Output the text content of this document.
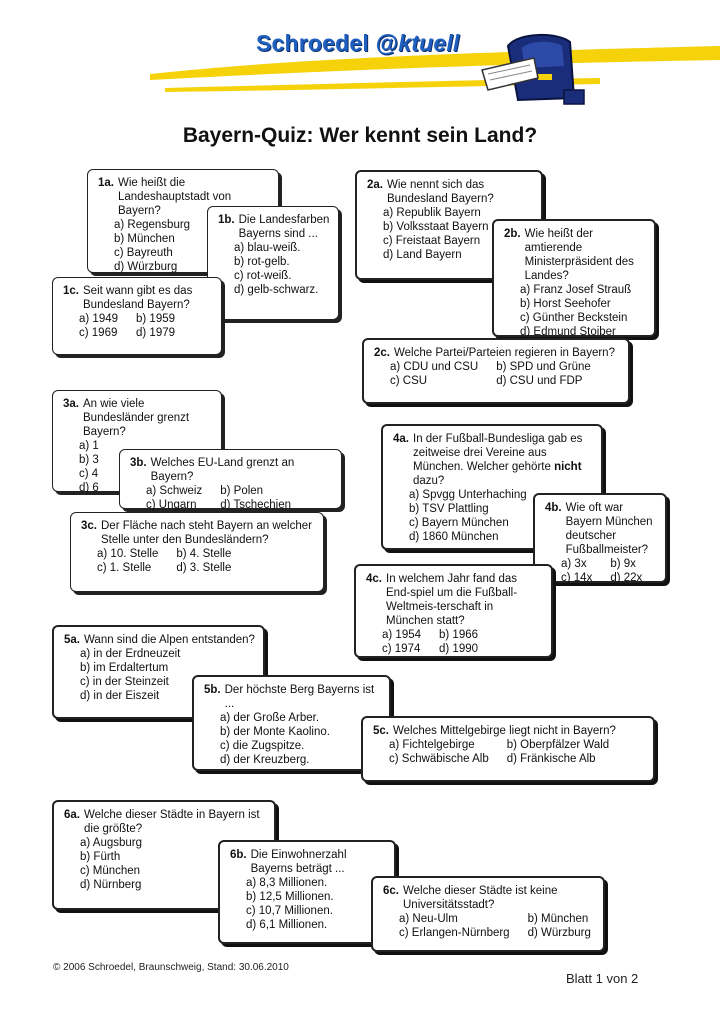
Schroedel @ktuell
Bayern-Quiz: Wer kennt sein Land?
1a. Wie heißt die Landeshauptstadt von Bayern?
a) Regensburg
b) München
c) Bayreuth
d) Würzburg
1b. Die Landesfarben Bayerns sind ...
a) blau-weiß.
b) rot-gelb.
c) rot-weiß.
d) gelb-schwarz.
1c. Seit wann gibt es das Bundesland Bayern?
a) 1949 b) 1959
c) 1969 d) 1979
2a. Wie nennt sich das Bundesland Bayern?
a) Republik Bayern
b) Volksstaat Bayern
c) Freistaat Bayern
d) Land Bayern
2b. Wie heißt der amtierende Ministerpräsident des Landes?
a) Franz Josef Strauß
b) Horst Seehofer
c) Günther Beckstein
d) Edmund Stoiber
2c. Welche Partei/Parteien regieren in Bayern?
a) CDU und CSU b) SPD und Grüne
c) CSU	d) CSU und FDP
3a. An wie viele Bundesländer grenzt Bayern?
a) 1
b) 3
c) 4
d) 6
3b. Welches EU-Land grenzt an Bayern?
a) Schweiz b) Polen
c) Ungarn	d) Tschechien
3c. Der Fläche nach steht Bayern an welcher Stelle unter den Bundesländern?
a) 10. Stelle b) 4. Stelle
c) 1. Stelle	d) 3. Stelle
4a. In der Fußball-Bundesliga gab es zeitweise drei Vereine aus München. Welcher gehörte nicht dazu?
a) Spvgg Unterhaching
b) TSV Plattling
c) Bayern München
d) 1860 München
4b. Wie oft war Bayern München deutscher Fußballmeister?
a) 3x	b) 9x
c) 14x d) 22x
4c. In welchem Jahr fand das End-spiel um die Fußball-Weltmeis-terschaft in München statt?
a) 1954 b) 1966
c) 1974 d) 1990
5a. Wann sind die Alpen entstanden?
a) in der Erdneuzeit
b) im Erdaltertum
c) in der Steinzeit
d) in der Eiszeit	5b. Der höchste Berg Bayerns ist ...
a) der Große Arber.
b) der Monte Kaolino.
c) die Zugspitze.
d) der Kreuzberg.
5c. Welches Mittelgebirge liegt nicht in Bayern?
a) Fichtelgebirge	b) Oberpfälzer Wald
c) Schwäbische Alb d) Fränkische Alb
6a. Welche dieser Städte in Bayern ist die größte?
a) Augsburg
b) Fürth
c) München
d) Nürnberg
6b. Die Einwohnerzahl Bayerns beträgt ...
a) 8,3 Millionen.
b) 12,5 Millionen.
c) 10,7 Millionen.
d) 6,1 Millionen.
6c. Welche dieser Städte ist keine Universitätsstadt?
a) Neu-Ulm	b) München
c) Erlangen-Nürnberg d) Würzburg
© 2006 Schroedel, Braunschweig, Stand: 30.06.2010
Blatt 1 von 2
